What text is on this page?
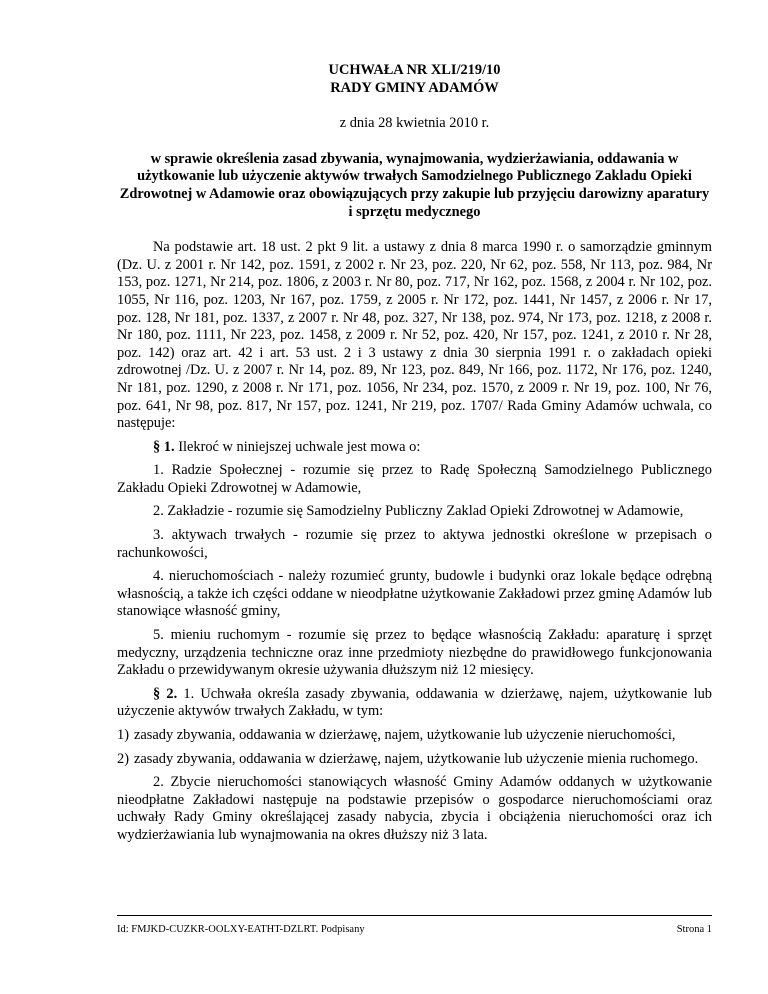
UCHWAŁA NR XLI/219/10
RADY GMINY ADAMÓW

z dnia 28 kwietnia 2010 r.

w sprawie określenia zasad zbywania, wynajmowania, wydzierżawiania, oddawania w użytkowanie lub użyczenie aktywów trwałych Samodzielnego Publicznego Zakladu Opieki Zdrowotnej w Adamowie oraz obowiązujących przy zakupie lub przyjęciu darowizny aparatury i sprzętu medycznego

Na podstawie art. 18 ust. 2 pkt 9 lit. a ustawy z dnia 8 marca 1990 r. o samorządzie gminnym (Dz. U. z 2001 r. Nr 142, poz. 1591, z 2002 r. Nr 23, poz. 220, Nr 62, poz. 558, Nr 113, poz. 984, Nr 153, poz. 1271, Nr 214, poz. 1806, z 2003 r. Nr 80, poz. 717, Nr 162, poz. 1568, z 2004 r. Nr 102, poz. 1055, Nr 116, poz. 1203, Nr 167, poz. 1759, z 2005 r. Nr 172, poz. 1441, Nr 1457, z 2006 r. Nr 17, poz. 128, Nr 181, poz. 1337, z 2007 r. Nr 48, poz. 327, Nr 138, poz. 974, Nr 173, poz. 1218, z 2008 r. Nr 180, poz. 1111, Nr 223, poz. 1458, z 2009 r. Nr 52, poz. 420, Nr 157, poz. 1241, z 2010 r. Nr 28, poz. 142) oraz art. 42 i art. 53 ust. 2 i 3 ustawy z dnia 30 sierpnia 1991 r. o zakładach opieki zdrowotnej /Dz. U. z 2007 r. Nr 14, poz. 89, Nr 123, poz. 849, Nr 166, poz. 1172, Nr 176, poz. 1240, Nr 181, poz. 1290, z 2008 r. Nr 171, poz. 1056, Nr 234, poz. 1570, z 2009 r. Nr 19, poz. 100, Nr 76, poz. 641, Nr 98, poz. 817, Nr 157, poz. 1241, Nr 219, poz. 1707/ Rada Gminy Adamów uchwala, co następuje:

§ 1. Ilekroć w niniejszej uchwale jest mowa o:

1. Radzie Społecznej - rozumie się przez to Radę Społeczną Samodzielnego Publicznego Zakładu Opieki Zdrowotnej w Adamowie,

2. Zakładzie - rozumie się Samodzielny Publiczny Zaklad Opieki Zdrowotnej w Adamowie,

3. aktywach trwałych - rozumie się przez to aktywa jednostki określone w przepisach o rachunkowości,

4. nieruchomościach - należy rozumieć grunty, budowle i budynki oraz lokale będące odrębną własnością, a także ich części oddane w nieodpłatne użytkowanie Zakładowi przez gminę Adamów lub stanowiące własność gminy,

5. mieniu ruchomym - rozumie się przez to będące własnością Zakładu: aparaturę i sprzęt medyczny, urządzenia techniczne oraz inne przedmioty niezbędne do prawidłowego funkcjonowania Zakładu o przewidywanym okresie używania dłuższym niż 12 miesięcy.

§ 2. 1. Uchwała określa zasady zbywania, oddawania w dzierżawę, najem, użytkowanie lub użyczenie aktywów trwałych Zakładu, w tym:

1) zasady zbywania, oddawania w dzierżawę, najem, użytkowanie lub użyczenie nieruchomości,
2) zasady zbywania, oddawania w dzierżawę, najem, użytkowanie lub użyczenie mienia ruchomego.

2. Zbycie nieruchomości stanowiących własność Gminy Adamów oddanych w użytkowanie nieodpłatne Zakładowi następuje na podstawie przepisów o gospodarce nieruchomościami oraz uchwały Rady Gminy określającej zasady nabycia, zbycia i obciążenia nieruchomości oraz ich wydzierżawiania lub wynajmowania na okres dłuższy niż 3 lata.

Id: FMJKD-CUZKR-OOLXY-EATHT-DZLRT. Podpisany	Strona 1
